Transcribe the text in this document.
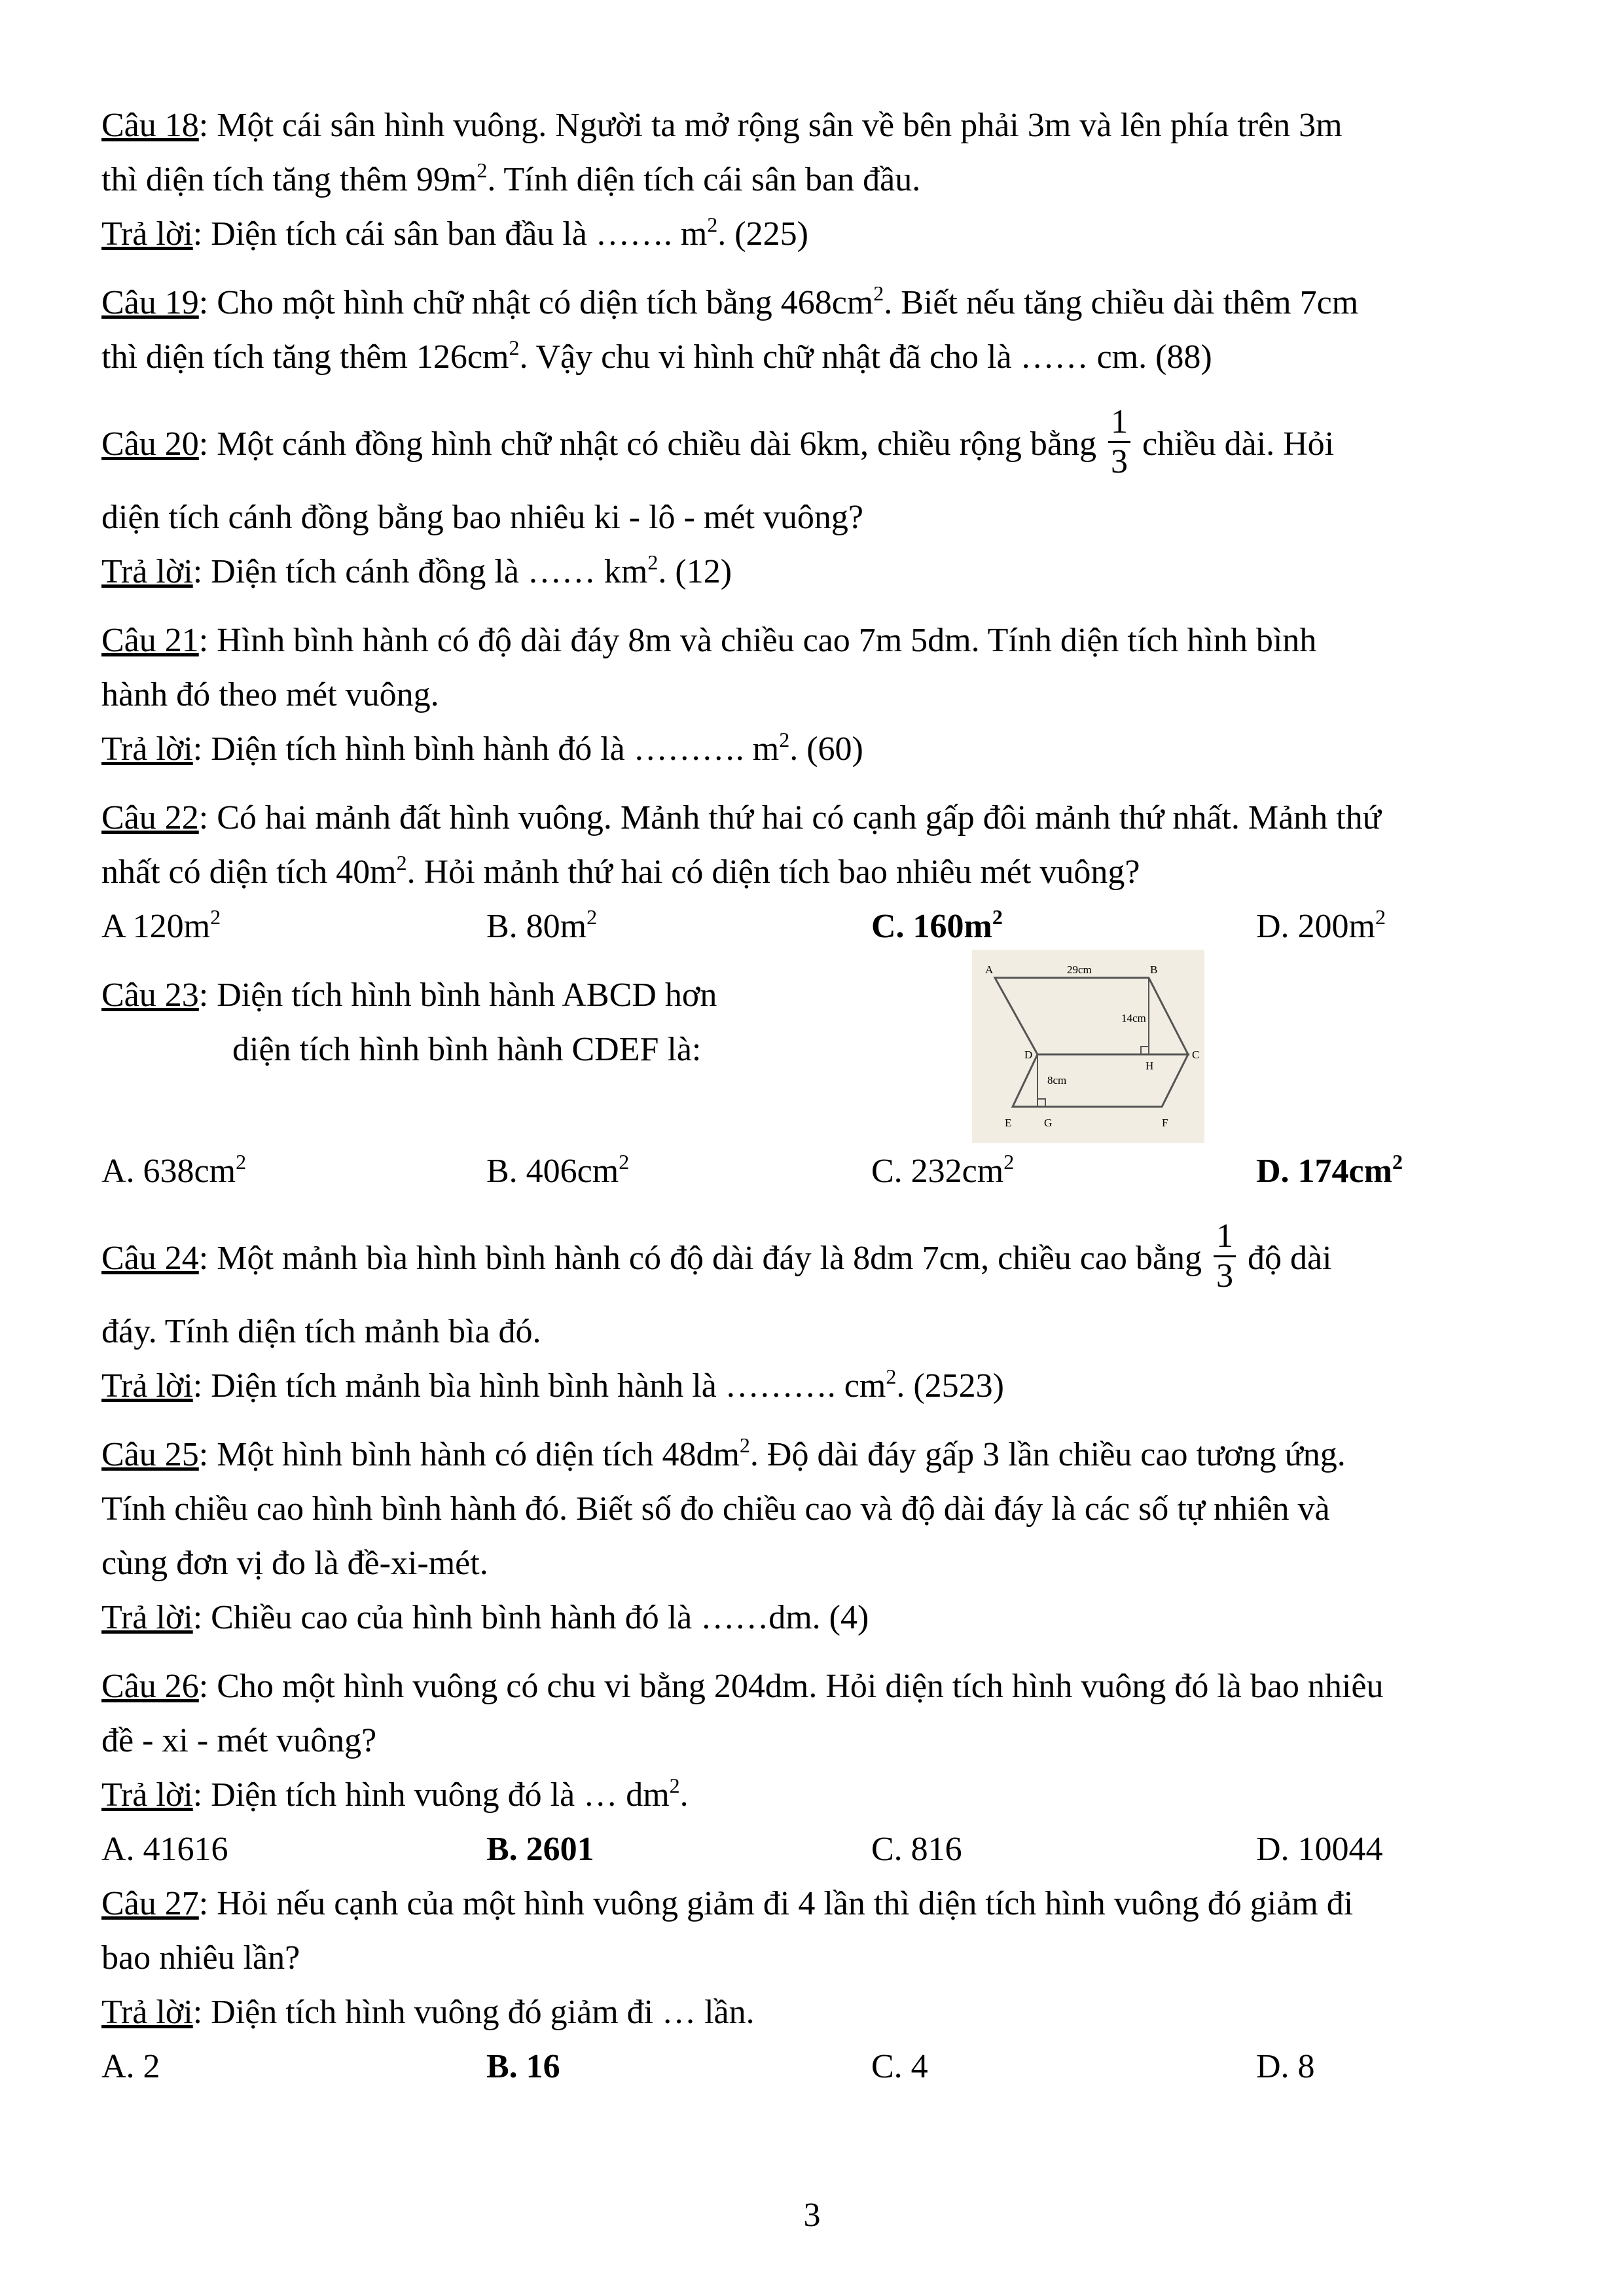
Câu 18: Một cái sân hình vuông. Người ta mở rộng sân về bên phải 3m và lên phía trên 3m

thì diện tích tăng thêm $99m^2$. Tính diện tích cái sân ban đầu.

Trả lời: Diện tích cái sân ban đầu là ……. $m^2$. (225)

Câu 19: Cho một hình chữ nhật có diện tích bằng $468cm^2$. Biết nếu tăng chiều dài thêm 7cm

thì diện tích tăng thêm $126cm^2$. Vậy chu vi hình chữ nhật đã cho là …… cm. (88)

Câu 20: Một cánh đồng hình chữ nhật có chiều dài 6km, chiều rộng bằng $\frac{1}{3}$ chiều dài. Hỏi

diện tích cánh đồng bằng bao nhiêu ki - lô - mét vuông?

Trả lời: Diện tích cánh đồng là …… $km^2$. (12)

Câu 21: Hình bình hành có độ dài đáy 8m và chiều cao 7m 5dm. Tính diện tích hình bình

hành đó theo mét vuông.

Trả lời: Diện tích hình bình hành đó là ………. $m^2$. (60)

Câu 22: Có hai mảnh đất hình vuông. Mảnh thứ hai có cạnh gấp đôi mảnh thứ nhất. Mảnh thứ

nhất có diện tích $40m^2$. Hỏi mảnh thứ hai có diện tích bao nhiêu mét vuông?

A $120m^2$	B. $80m^2$	C. $160m^2$	D. $200m^2$

Câu 23: Diện tích hình bình hành ABCD hơn

diện tích hình bình hành CDEF là:

A	29cm	B
14cm
D	C
H
8cm
E	G	F
A. $638cm^2$	B. $406cm^2$	C. $232cm^2$	D. $174cm^2$

Câu 24: Một mảnh bìa hình bình hành có độ dài đáy là 8dm 7cm, chiều cao bằng $\frac{1}{3}$ độ dài

đáy. Tính diện tích mảnh bìa đó.

Trả lời: Diện tích mảnh bìa hình bình hành là ………. $cm^2$. (2523)

Câu 25: Một hình bình hành có diện tích $48dm^2$. Độ dài đáy gấp 3 lần chiều cao tương ứng.

Tính chiều cao hình bình hành đó. Biết số đo chiều cao và độ dài đáy là các số tự nhiên và

cùng đơn vị đo là đề-xi-mét.

Trả lời: Chiều cao của hình bình hành đó là ……dm. (4)

Câu 26: Cho một hình vuông có chu vi bằng 204dm. Hỏi diện tích hình vuông đó là bao nhiêu

đề - xi - mét vuông?

Trả lời: Diện tích hình vuông đó là … $dm^2$.

A. 41616	B. 2601	C. 816	D. 10044

Câu 27: Hỏi nếu cạnh của một hình vuông giảm đi 4 lần thì diện tích hình vuông đó giảm đi

bao nhiêu lần?

Trả lời: Diện tích hình vuông đó giảm đi … lần.

A. 2	B. 16	C. 4	D. 8
3
